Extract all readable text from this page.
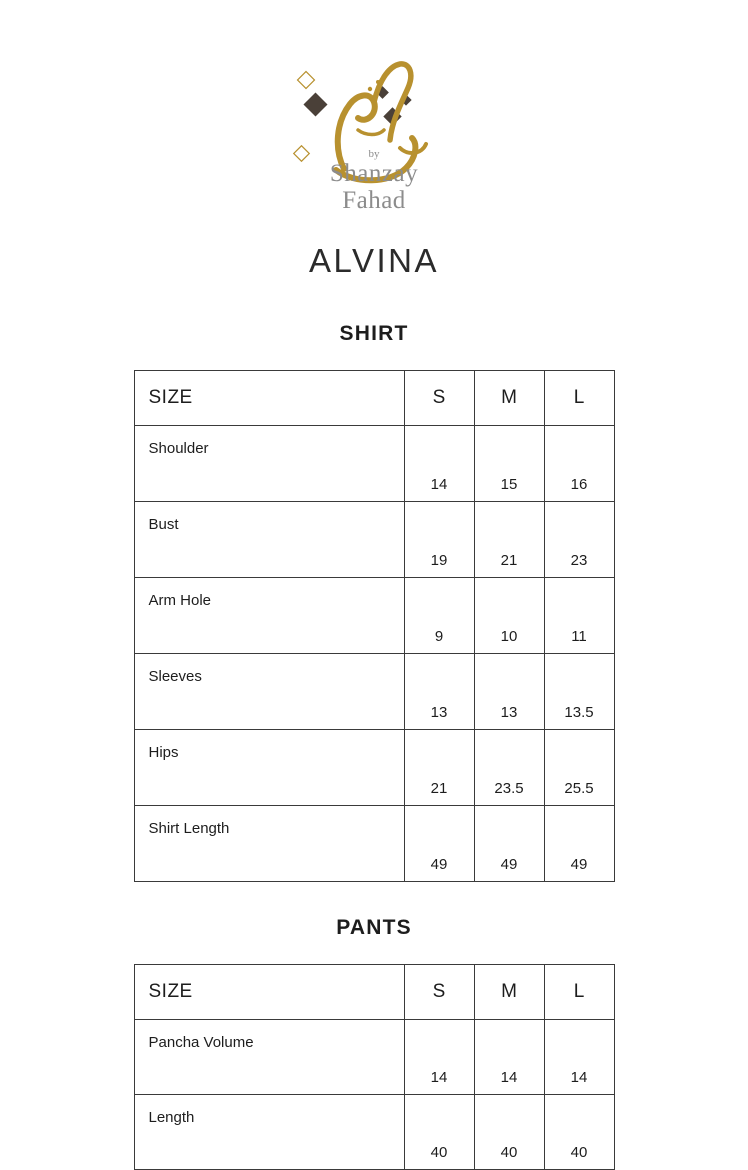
by
Shanzay
Fahad
ALVINA
SHIRT
SIZE	S	M	L
Shoulder	14	15	16
Bust	19	21	23
Arm Hole	9	10	11
Sleeves	13	13	13.5
Hips	21	23.5	25.5
Shirt Length	49	49	49
PANTS
SIZE	S	M	L
Pancha Volume	14	14	14
Length	40	40	40
